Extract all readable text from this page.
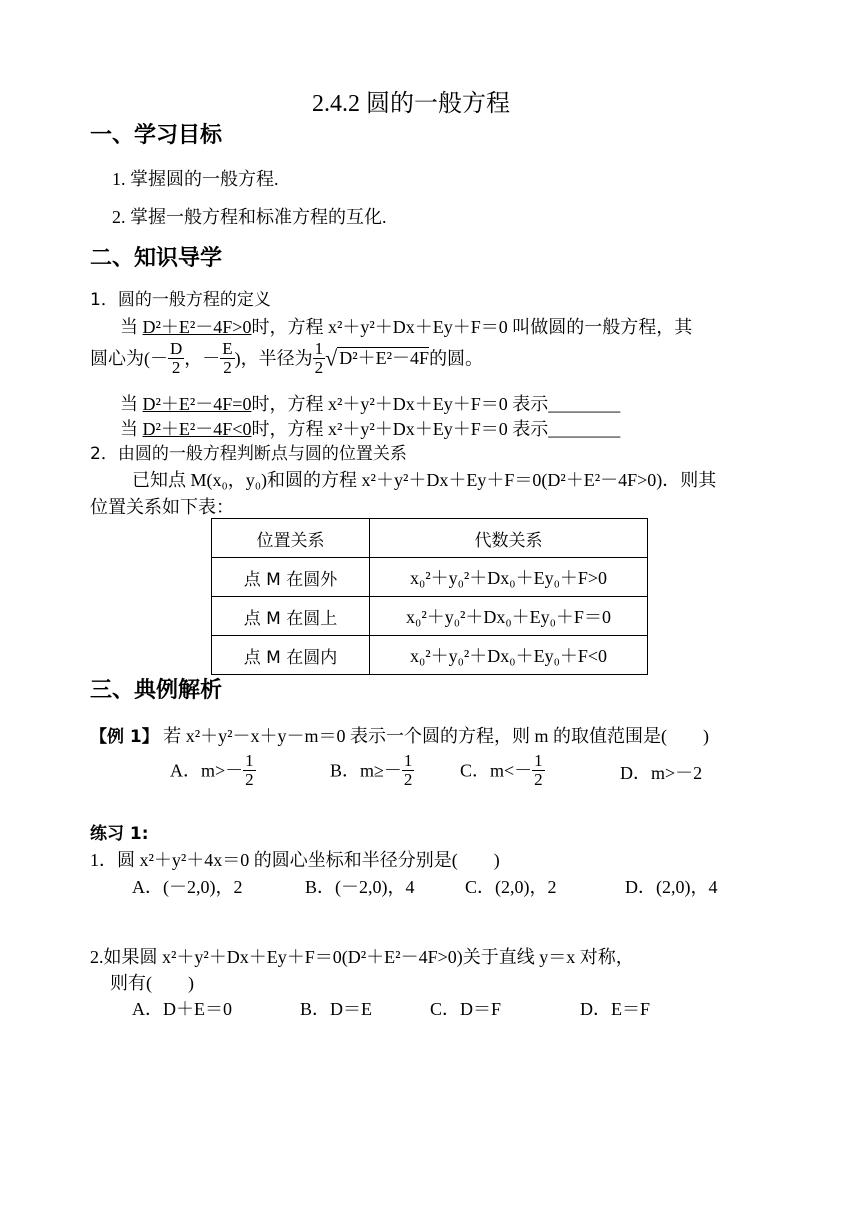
2.4.2 圆的一般方程
一、学习目标
1. 掌握圆的一般方程.
2. 掌握一般方程和标准方程的互化.
二、知识导学
1．圆的一般方程的定义
当 D²＋E²－4F>0时，方程 x²＋y²＋Dx＋Ey＋F＝0 叫做圆的一般方程，其
圆心为(－ $\frac{D}{2}$ ，－ $\frac{E}{2}$ )，半径为 $\frac{1}{2}$ √ D²＋E²－4F的圆。
当 D²＋E²－4F=0时，方程 x²＋y²＋Dx＋Ey＋F＝0 表示________
当 D²＋E²－4F<0时，方程 x²＋y²＋Dx＋Ey＋F＝0 表示________
2．由圆的一般方程判断点与圆的位置关系
已知点 M(x₀，y₀)和圆的方程 x²＋y²＋Dx＋Ey＋F＝0(D²＋E²－4F>0)．则其
位置关系如下表：
位置关系	代数关系
点 M 在圆外	x₀²＋y₀²＋Dx₀＋Ey₀＋F>0
点 M 在圆上	x₀²＋y₀²＋Dx₀＋Ey₀＋F＝0
点 M 在圆内	x₀²＋y₀²＋Dx₀＋Ey₀＋F<0
三、典例解析
【例 1】 若 x²＋y²－x＋y－m＝0 表示一个圆的方程，则 m 的取值范围是(　　)
A．$m>- \frac{1}{2}$	B．$m\ge- \frac{1}{2}$	C．$m<- \frac{1}{2}$	D．m>－2
练习 1:
1．圆 x²＋y²＋4x＝0 的圆心坐标和半径分别是(　　)
A．(－2,0)，2	B．(－2,0)，4	C．(2,0)，2	D．(2,0)，4
2.如果圆 x²＋y²＋Dx＋Ey＋F＝0(D²＋E²－4F>0)关于直线 y＝x 对称，
则有(　　)
A．D＋E＝0	B．D＝E	C．D＝F	D．E＝F
